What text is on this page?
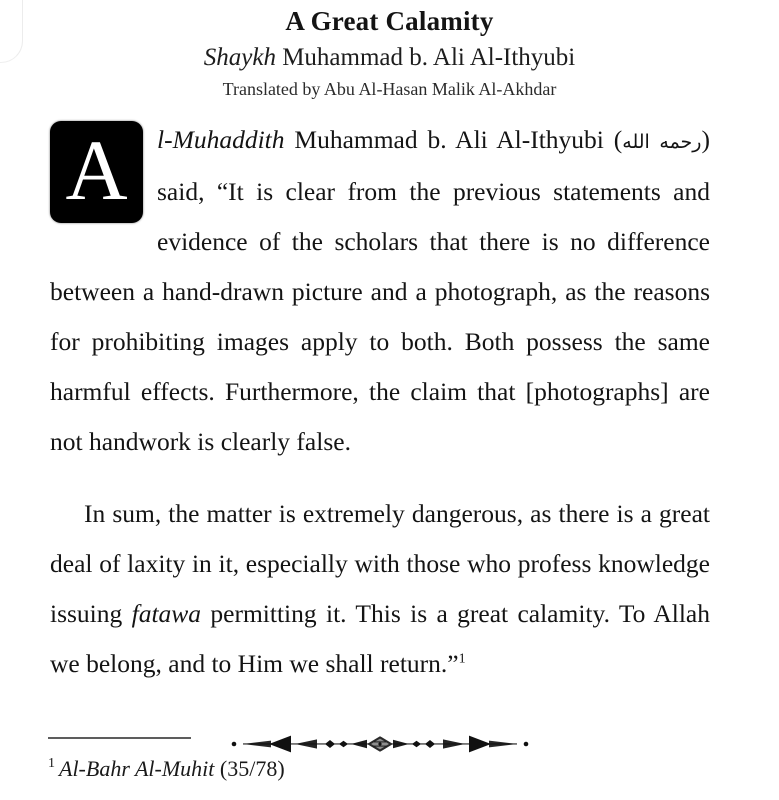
A Great Calamity
Shaykh Muhammad b. Ali Al-Ithyubi
Translated by Abu Al-Hasan Malik Al-Akhdar

A	l-Muhaddith Muhammad b. Ali Al-Ithyubi (رحمه الله) said, “It is clear from the previous statements and evidence of the scholars that there is no difference between a hand-drawn picture and a photograph, as the reasons for prohibiting images apply to both. Both possess the same harmful effects. Furthermore, the claim that [photographs] are not handwork is clearly false.

In sum, the matter is extremely dangerous, as there is a great deal of laxity in it, especially with those who profess knowledge issuing fatawa permitting it. This is a great calamity. To Allah we belong, and to Him we shall return.”$^1$

$^1$ Al-Bahr Al-Muhit (35/78)
